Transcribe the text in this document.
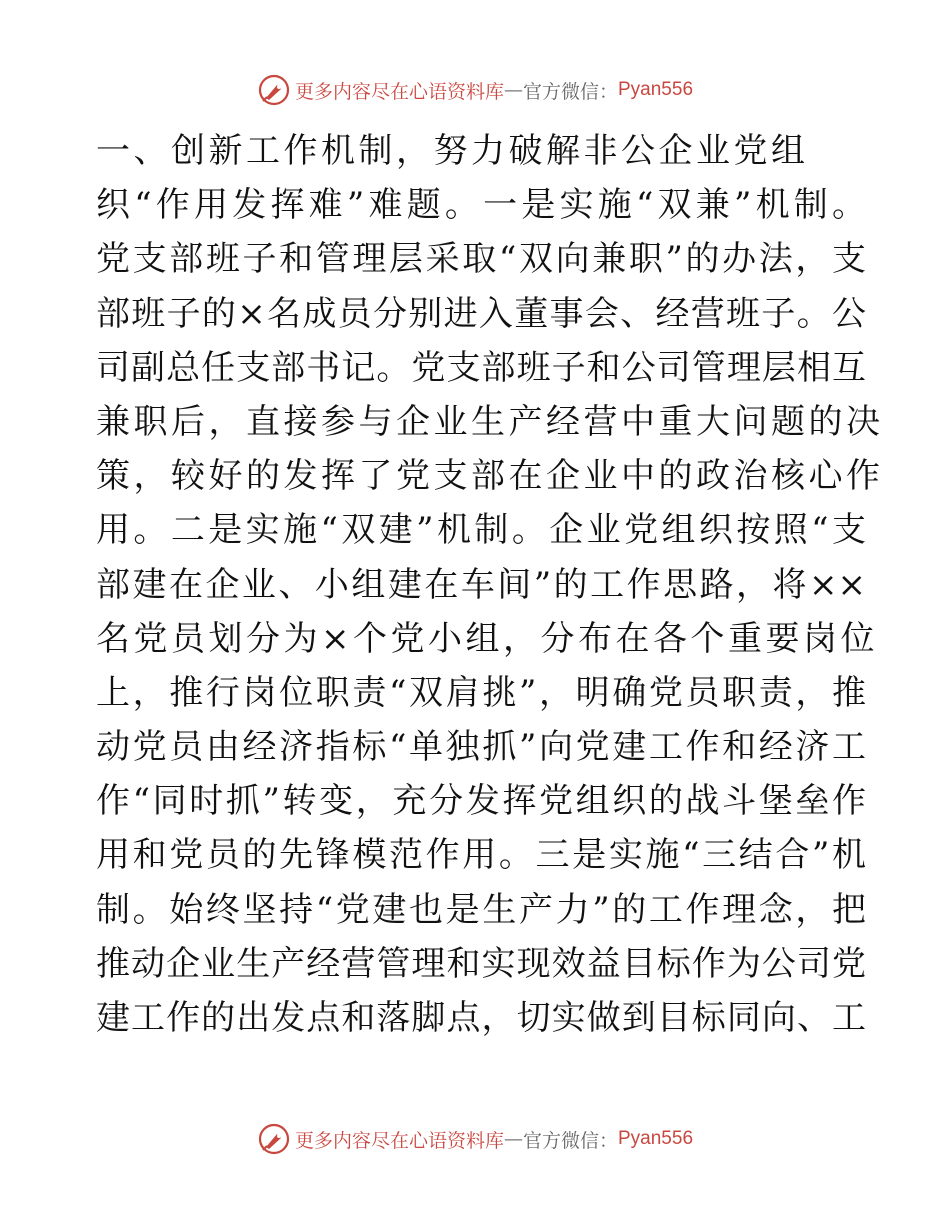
更多内容尽在心语资料库 — 官方微信： Pyan556
一、创新工作机制，努力破解非公企业党组
织“作用发挥难”难题。一是实施“双兼”机制。
党支部班子和管理层采取“双向兼职”的办法，支
部班子的×名成员分别进入董事会、经营班子。公
司副总任支部书记。党支部班子和公司管理层相互
兼职后，直接参与企业生产经营中重大问题的决
策，较好的发挥了党支部在企业中的政治核心作
用。二是实施“双建”机制。企业党组织按照“支
部建在企业、小组建在车间”的工作思路，将××
名党员划分为×个党小组，分布在各个重要岗位
上，推行岗位职责“双肩挑”，明确党员职责，推
动党员由经济指标“单独抓”向党建工作和经济工
作“同时抓”转变，充分发挥党组织的战斗堡垒作
用和党员的先锋模范作用。三是实施“三结合”机
制。始终坚持“党建也是生产力”的工作理念，把
推动企业生产经营管理和实现效益目标作为公司党
建工作的出发点和落脚点，切实做到目标同向、工
更多内容尽在心语资料库 — 官方微信： Pyan556
